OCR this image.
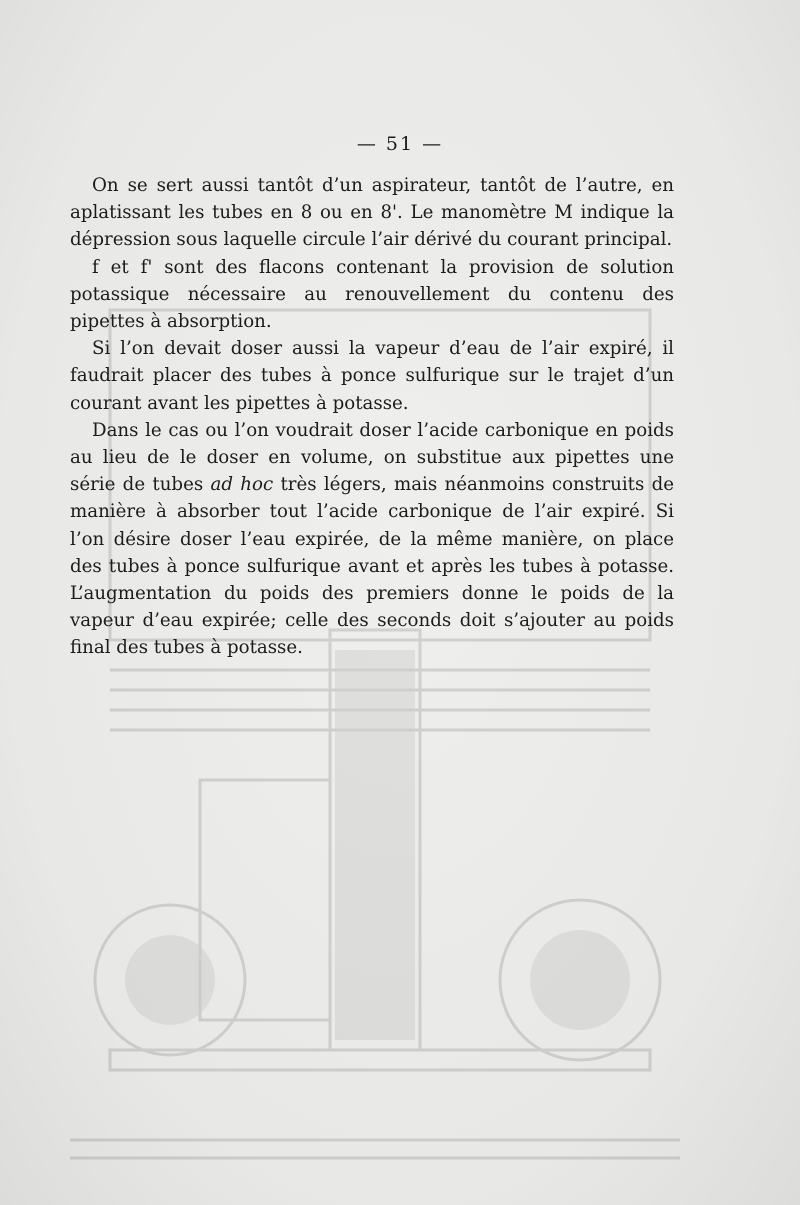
— 51 —

On se sert aussi tantôt d’un aspirateur, tantôt de l’autre, en aplatissant les tubes en 8 ou en 8'. Le manomètre M indique la dépression sous laquelle circule l’air dérivé du courant principal.

f et f' sont des flacons contenant la provision de solution potassique nécessaire au renouvellement du contenu des pipettes à absorption.

Si l’on devait doser aussi la vapeur d’eau de l’air expiré, il faudrait placer des tubes à ponce sulfurique sur le trajet d’un courant avant les pipettes à potasse.

Dans le cas ou l’on voudrait doser l’acide carbonique en poids au lieu de le doser en volume, on substitue aux pipettes une série de tubes ad hoc très légers, mais néanmoins construits de manière à absorber tout l’acide carbonique de l’air expiré. Si l’on désire doser l’eau expirée, de la même manière, on place des tubes à ponce sulfurique avant et après les tubes à potasse. L’augmentation du poids des premiers donne le poids de la vapeur d’eau expirée; celle des seconds doit s’ajouter au poids final des tubes à potasse.
